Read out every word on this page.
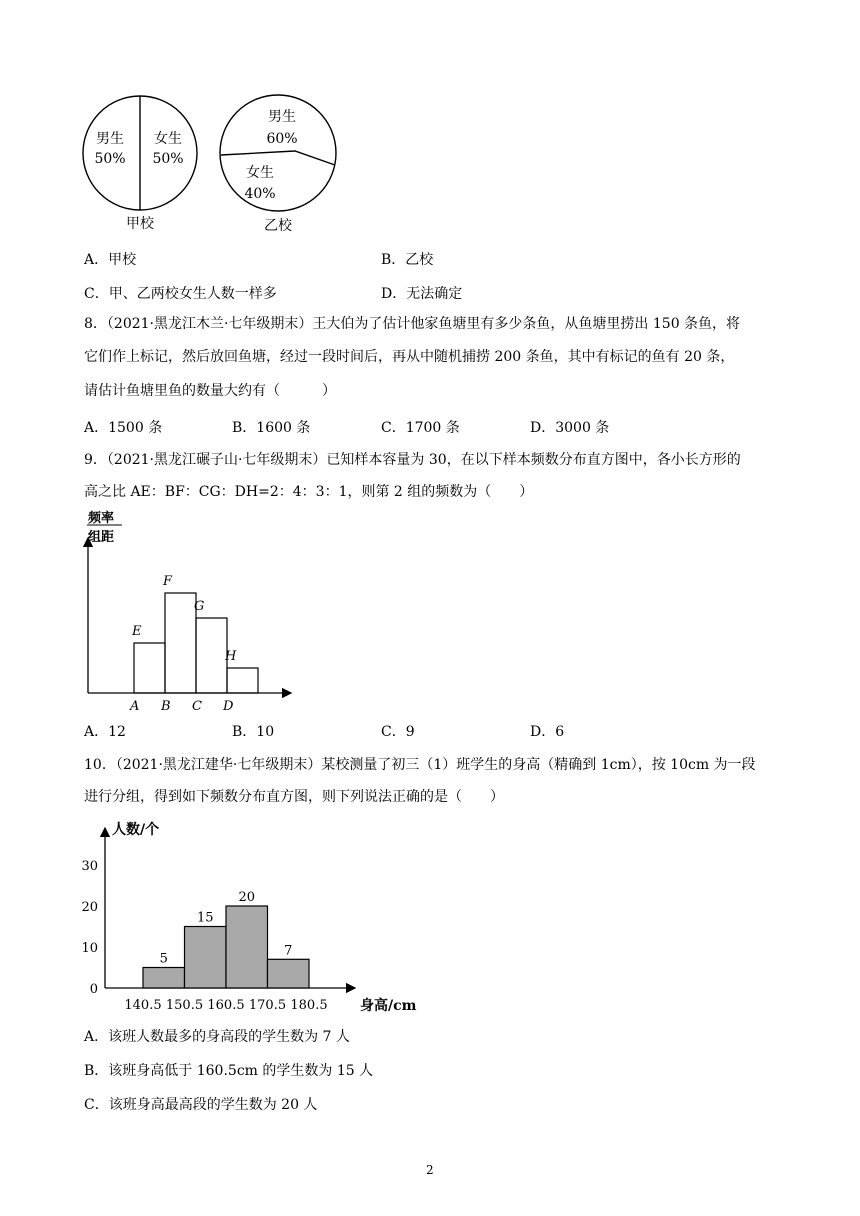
男生
50%
女生
50%
甲校
男生
60%
女生
40%
乙校
A．甲校	B．乙校
C．甲、乙两校女生人数一样多	D．无法确定
8．（2021·黑龙江木兰·七年级期末）王大伯为了估计他家鱼塘里有多少条鱼，从鱼塘里捞出 150 条鱼，将
它们作上标记，然后放回鱼塘，经过一段时间后，再从中随机捕捞 200 条鱼，其中有标记的鱼有 20 条，
请估计鱼塘里鱼的数量大约有（　　　）
A．1500 条	B．1600 条	C．1700 条	D．3000 条
9．（2021·黑龙江碾子山·七年级期末）已知样本容量为 30，在以下样本频数分布直方图中，各小长方形的
高之比 AE：BF：CG：DH=2：4：3：1，则第 2 组的频数为（　　）
频率
组距
E
A
F
B
G
C
H
D
A．12	B．10	C．9	D．6
10．（2021·黑龙江建华·七年级期末）某校测量了初三（1）班学生的身高（精确到 1cm），按 10cm 为一段
进行分组，得到如下频数分布直方图，则下列说法正确的是（　　）
人数/个
身高/cm
0
10
20
30
5
15
20
7
140.5 150.5 160.5 170.5 180.5
A．该班人数最多的身高段的学生数为 7 人
B．该班身高低于 160.5cm 的学生数为 15 人
C．该班身高最高段的学生数为 20 人
2
